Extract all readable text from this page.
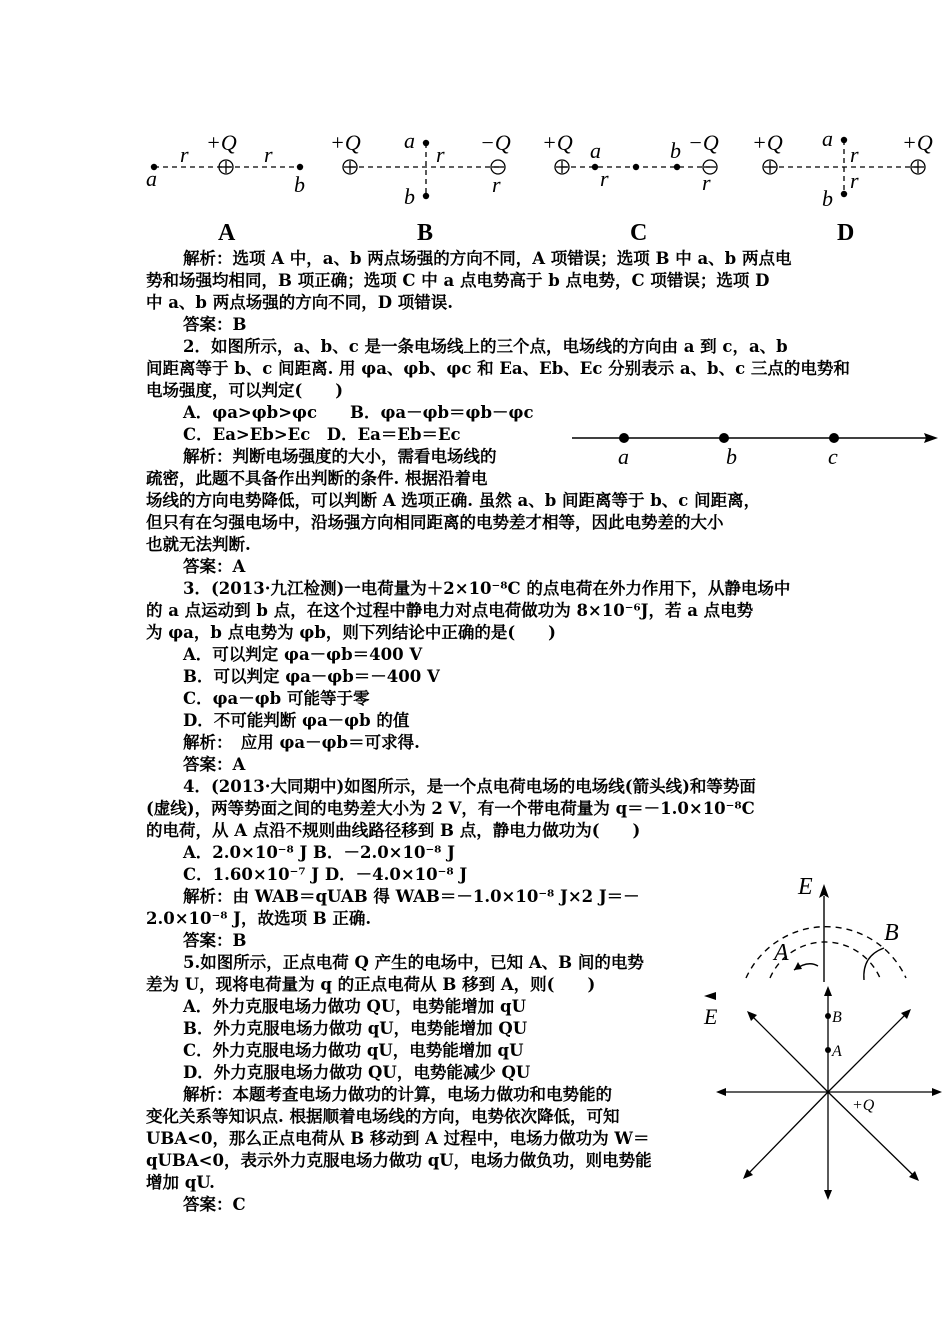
a
+Q
r	r
b
+Q a
r −Q
r
b
+Q a
r
b −Q
r
+Q a
r
r
b
+Q
A	B	C	D
解析：选项 A 中，a、b 两点场强的方向不同，A 项错误；选项 B 中 a、b 两点电
势和场强均相同，B 项正确；选项 C 中 a 点电势高于 b 点电势，C 项错误；选项 D
中 a、b 两点场强的方向不同，D 项错误.
答案：B
2．如图所示，a、b、c 是一条电场线上的三个点，电场线的方向由 a 到 c，a、b
间距离等于 b、c 间距离. 用 φa、φb、φc 和 Ea、Eb、Ec 分别表示 a、b、c 三点的电势和
电场强度，可以判定(　　)
A．φa>φb>φc　　B．φa－φb＝φb－φc
C．Ea>Eb>Ec　D．Ea＝Eb＝Ec
解析：判断电场强度的大小，需看电场线的
疏密，此题不具备作出判断的条件. 根据沿着电
场线的方向电势降低，可以判断 A 选项正确. 虽然 a、b 间距离等于 b、c 间距离，
但只有在匀强电场中，沿场强方向相同距离的电势差才相等，因此电势差的大小
也就无法判断.
答案：A
a	b	c
3．(2013·九江检测)一电荷量为＋2×10⁻⁸C 的点电荷在外力作用下，从静电场中
的 a 点运动到 b 点，在这个过程中静电力对点电荷做功为 8×10⁻⁶J，若 a 点电势
为 φa，b 点电势为 φb，则下列结论中正确的是(　　)
A．可以判定 φa－φb＝400 V
B．可以判定 φa－φb＝－400 V
C．φa－φb 可能等于零
D．不可能判断 φa－φb 的值
解析：　应用 φa－φb＝可求得.
答案：A
4．(2013·大同期中)如图所示，是一个点电荷电场的电场线(箭头线)和等势面
(虚线)，两等势面之间的电势差大小为 2 V，有一个带电荷量为 q＝－1.0×10⁻⁸C
的电荷，从 A 点沿不规则曲线路径移到 B 点，静电力做功为(　　)
A．2.0×10⁻⁸ J B．－2.0×10⁻⁸ J
C．1.60×10⁻⁷ J D．－4.0×10⁻⁸ J
解析：由 WAB＝qUAB 得 WAB＝－1.0×10⁻⁸ J×2 J＝－
2.0×10⁻⁸ J，故选项 B 正确.
答案：B
E
A
B
5.如图所示，正点电荷 Q 产生的电场中，已知 A、B 间的电势
差为 U，现将电荷量为 q 的正点电荷从 B 移到 A，则(　　)
A．外力克服电场力做功 QU，电势能增加 qU
B．外力克服电场力做功 qU，电势能增加 QU
C．外力克服电场力做功 qU，电势能增加 qU
D．外力克服电场力做功 QU，电势能减少 QU
解析：本题考查电场力做功的计算，电场力做功和电势能的
变化关系等知识点. 根据顺着电场线的方向，电势依次降低，可知
UBA<0，那么正点电荷从 B 移动到 A 过程中，电场力做功为 W＝
qUBA<0，表示外力克服电场力做功 qU，电场力做负功，则电势能
增加 qU.
答案：C
E	B
A
+Q
